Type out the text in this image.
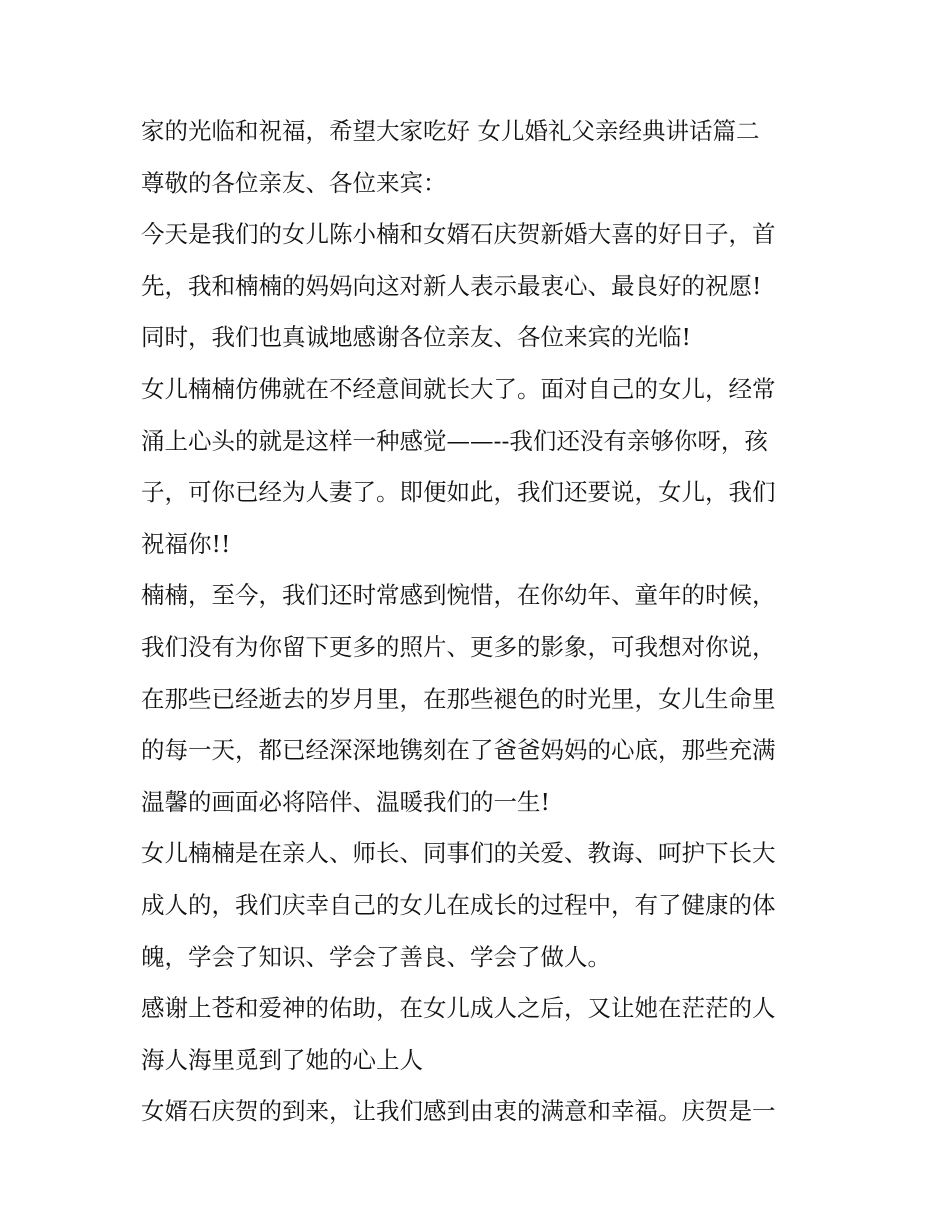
家的光临和祝福，希望大家吃好 女儿婚礼父亲经典讲话篇二
尊敬的各位亲友、各位来宾：
今天是我们的女儿陈小楠和女婿石庆贺新婚大喜的好日子，首
先，我和楠楠的妈妈向这对新人表示最衷心、最良好的祝愿!
同时，我们也真诚地感谢各位亲友、各位来宾的光临!
女儿楠楠仿佛就在不经意间就长大了。面对自己的女儿，经常
涌上心头的就是这样一种感觉——--我们还没有亲够你呀，孩
子，可你已经为人妻了。即便如此，我们还要说，女儿，我们
祝福你!!
楠楠，至今，我们还时常感到惋惜，在你幼年、童年的时候，
我们没有为你留下更多的照片、更多的影象，可我想对你说，
在那些已经逝去的岁月里，在那些褪色的时光里，女儿生命里
的每一天，都已经深深地镌刻在了爸爸妈妈的心底，那些充满
温馨的画面必将陪伴、温暖我们的一生!
女儿楠楠是在亲人、师长、同事们的关爱、教诲、呵护下长大
成人的，我们庆幸自己的女儿在成长的过程中，有了健康的体
魄，学会了知识、学会了善良、学会了做人。
感谢上苍和爱神的佑助，在女儿成人之后，又让她在茫茫的人
海人海里觅到了她的心上人
女婿石庆贺的到来，让我们感到由衷的满意和幸福。庆贺是一
